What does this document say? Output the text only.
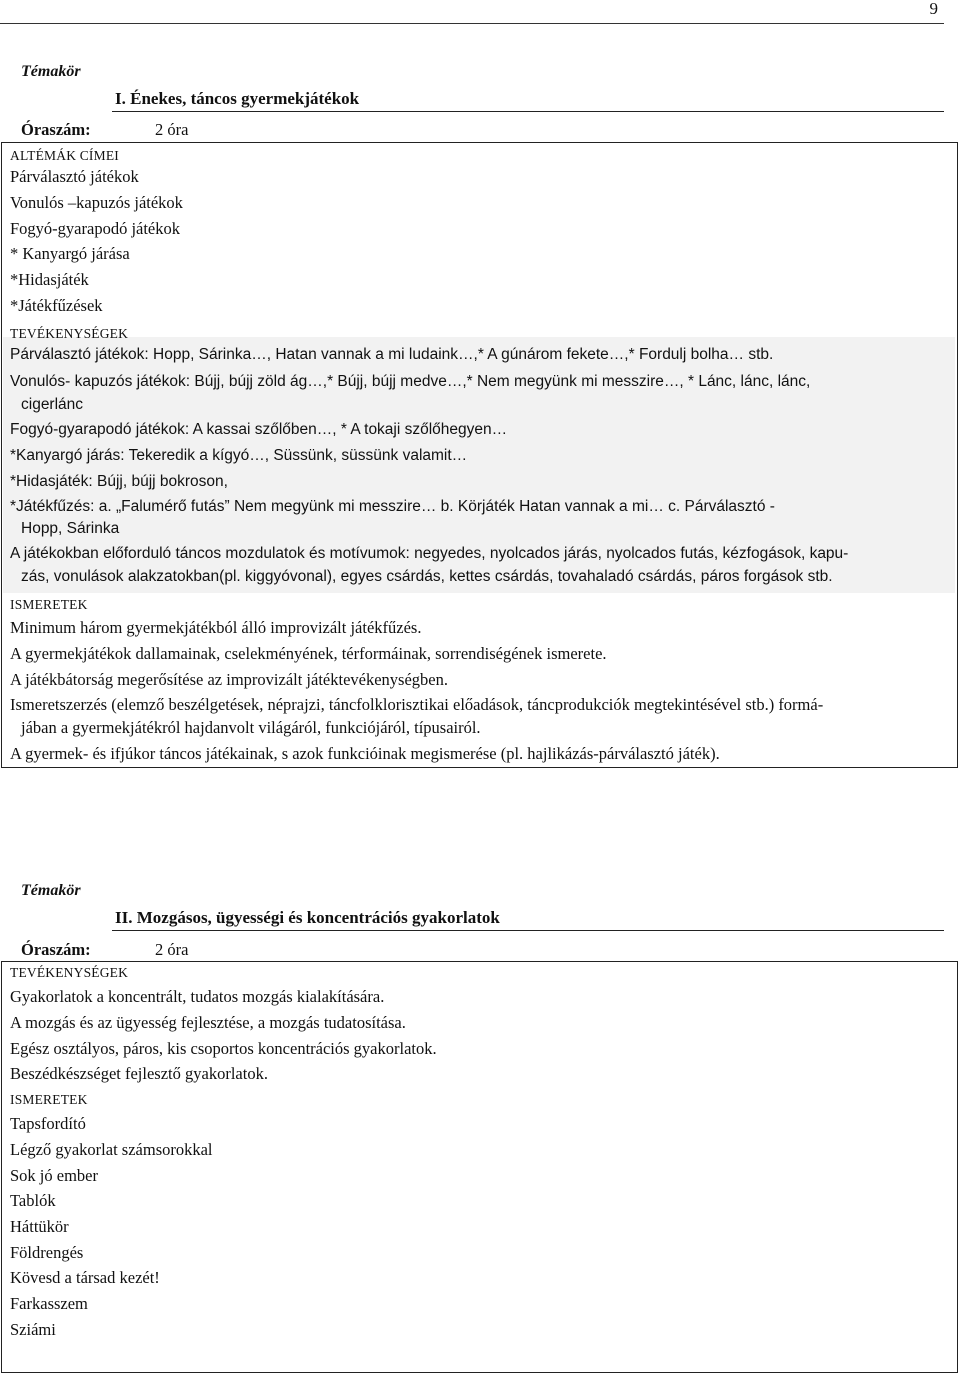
9
Témakör
I. Énekes, táncos gyermekjátékok
Óraszám:	2 óra
ALTÉMÁK CÍMEI
Párválasztó játékok
Vonulós –kapuzós játékok
Fogyó-gyarapodó játékok
* Kanyargó járása
*Hidasjáték
*Játékfűzések
TEVÉKENYSÉGEK
Párválasztó játékok: Hopp, Sárinka…, Hatan vannak a mi ludaink…,* A gúnárom fekete…,* Fordulj bolha… stb.
Vonulós- kapuzós játékok: Bújj, bújj zöld ág…,* Bújj, bújj medve…,* Nem megyünk mi messzire…, * Lánc, lánc, lánc,
cigerlánc
Fogyó-gyarapodó játékok: A kassai szőlőben…, * A tokaji szőlőhegyen…
*Kanyargó járás: Tekeredik a kígyó…, Süssünk, süssünk valamit…
*Hidasjáték: Bújj, bújj bokroson,
*Játékfűzés: a. „Falumérő futás” Nem megyünk mi messzire… b. Körjáték Hatan vannak a mi… c. Párválasztó -
Hopp, Sárinka
A játékokban előforduló táncos mozdulatok és motívumok: negyedes, nyolcados járás, nyolcados futás, kézfogások, kapu-
zás, vonulások alakzatokban(pl. kiggyóvonal), egyes csárdás, kettes csárdás, tovahaladó csárdás, páros forgások stb.
ISMERETEK
Minimum három gyermekjátékból álló improvizált játékfűzés.
A gyermekjátékok dallamainak, cselekményének, térformáinak, sorrendiségének ismerete.
A játékbátorság megerősítése az improvizált játéktevékenységben.
Ismeretszerzés (elemző beszélgetések, néprajzi, táncfolklorisztikai előadások, táncprodukciók megtekintésével stb.) formá-
jában a gyermekjátékról hajdanvolt világáról, funkciójáról, típusairól.
A gyermek- és ifjúkor táncos játékainak, s azok funkcióinak megismerése (pl. hajlikázás-párválasztó játék).
Témakör
II. Mozgásos, ügyességi és koncentrációs gyakorlatok
Óraszám:	2 óra
TEVÉKENYSÉGEK
Gyakorlatok a koncentrált, tudatos mozgás kialakítására.
A mozgás és az ügyesség fejlesztése, a mozgás tudatosítása.
Egész osztályos, páros, kis csoportos koncentrációs gyakorlatok.
Beszédkészséget fejlesztő gyakorlatok.
ISMERETEK
Tapsfordító
Légző gyakorlat számsorokkal
Sok jó ember
Tablók
Háttükör
Földrengés
Kövesd a társad kezét!
Farkasszem
Sziámi
